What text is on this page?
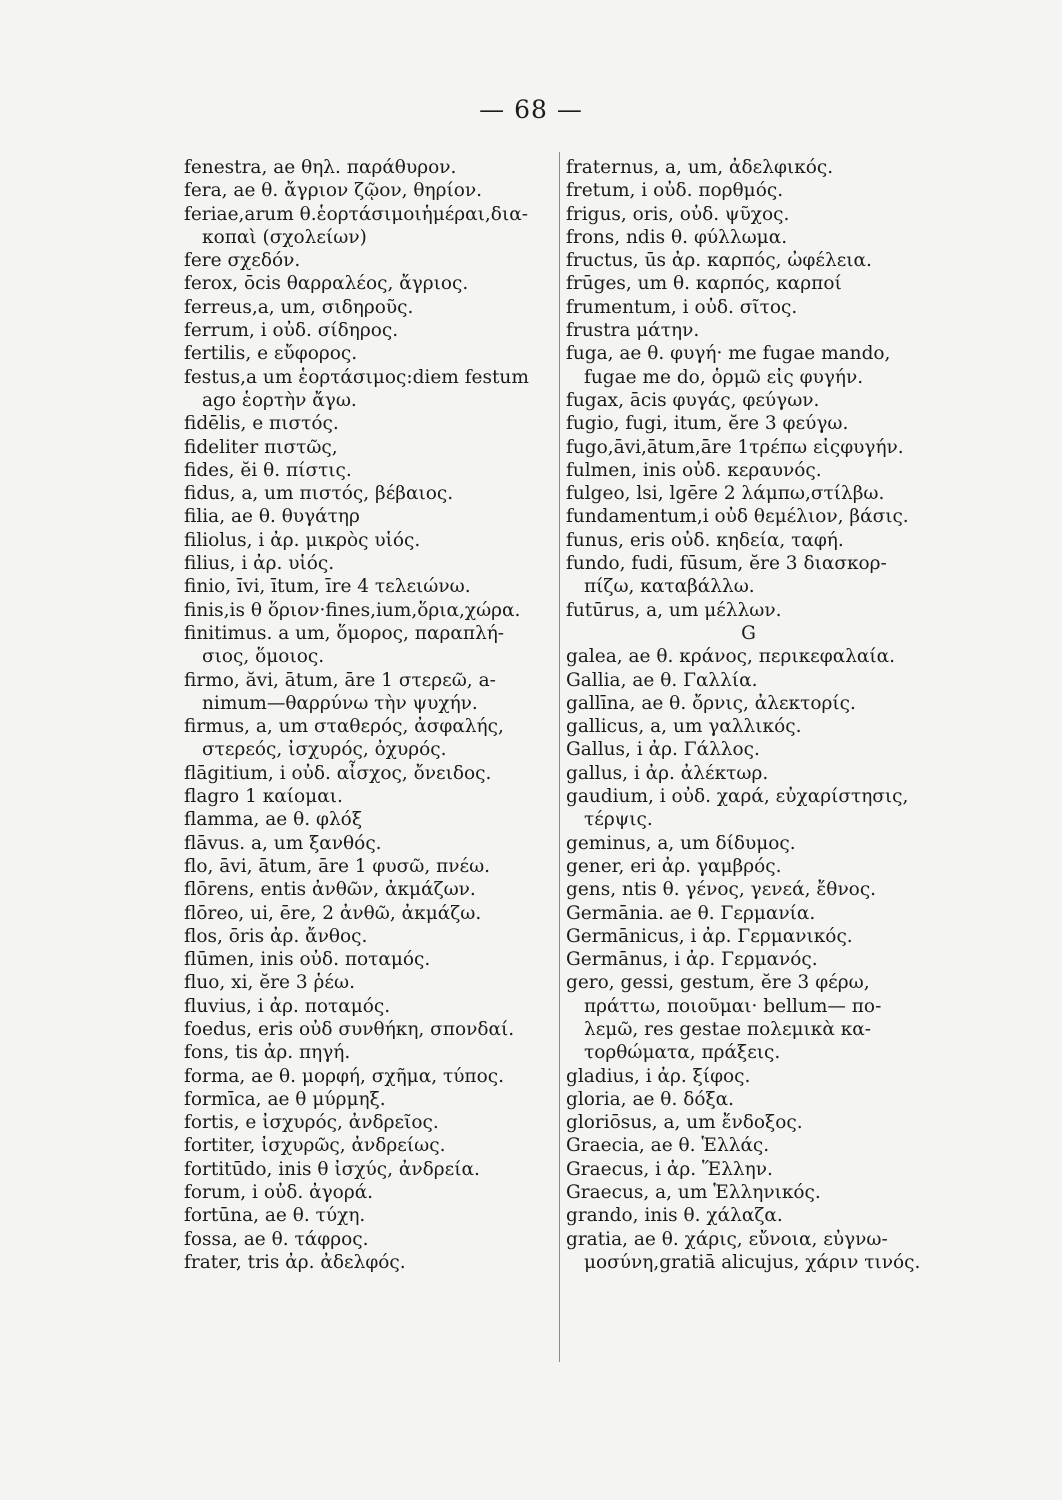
— 68 —
fenestra, ae θηλ. παράθυρον.
fera, ae θ. ἄγριον ζῷον, θηρίον.
feriae,arum θ.ἑορτάσιμοιἡμέραι,δια-
κοπαὶ (σχολείων)
fere σχεδόν.
ferox, ōcis θαρραλέος, ἄγριος.
ferreus,a, um, σιδηροῦς.
ferrum, i οὐδ. σίδηρος.
fertilis, e εὔφορος.
festus,a um ἑορτάσιμος:diem festum
ago ἑορτὴν ἄγω.
fidēlis, e πιστός.
fideliter πιστῶς,
fides, ĕi θ. πίστις.
fidus, a, um πιστός, βέβαιος.
filia, ae θ. θυγάτηρ
filiolus, i ἀρ. μικρὸς υἱός.
filius, i ἀρ. υἱός.
finio, īvi, ītum, īre 4 τελειώνω.
finis,is θ ὅριον·fines,ium,ὅρια,χώρα.
finitimus. a um, ὅμορος, παραπλή-
σιος, ὅμοιος.
firmo, ăvi, ātum, āre 1 στερεῶ, a-
nimum—θαρρύνω τὴν ψυχήν.
firmus, a, um σταθερός, ἀσφαλής,
στερεός, ἰσχυρός, ὀχυρός.
flāgitium, i οὐδ. αἶσχος, ὄνειδος.
flagro 1 καίομαι.
flamma, ae θ. φλόξ
flāvus. a, um ξανθός.
flo, āvi, ātum, āre 1 φυσῶ, πνέω.
flōrens, entis ἀνθῶν, ἀκμάζων.
flōreo, ui, ēre, 2 ἀνθῶ, ἀκμάζω.
flos, ōris ἀρ. ἄνθος.
flūmen, inis οὐδ. ποταμός.
fluo, xi, ĕre 3 ῥέω.
fluvius, i ἀρ. ποταμός.
foedus, eris οὐδ συνθήκη, σπονδαί.
fons, tis ἀρ. πηγή.
forma, ae θ. μορφή, σχῆμα, τύπος.
formīca, ae θ μύρμηξ.
fortis, e ἰσχυρός, ἀνδρεῖος.
fortiter, ἰσχυρῶς, ἀνδρείως.
fortitūdo, inis θ ἰσχύς, ἀνδρεία.
forum, i οὐδ. ἀγορά.
fortūna, ae θ. τύχη.
fossa, ae θ. τάφρος.
frater, tris ἀρ. ἀδελφός.
fraternus, a, um, ἀδελφικός.
fretum, i οὐδ. πορθμός.
frigus, oris, οὐδ. ψῦχος.
frons, ndis θ. φύλλωμα.
fructus, ūs ἀρ. καρπός, ὠφέλεια.
frūges, um θ. καρπός, καρποί
frumentum, i οὐδ. σῖτος.
frustra μάτην.
fuga, ae θ. φυγή· me fugae mando,
fugae me do, ὁρμῶ εἰς φυγήν.
fugax, ācis φυγάς, φεύγων.
fugio, fugi, itum, ĕre 3 φεύγω.
fugo,āvi,ātum,āre 1τρέπω εἰςφυγήν.
fulmen, inis οὐδ. κεραυνός.
fulgeo, lsi, lgēre 2 λάμπω,στίλβω.
fundamentum,i οὐδ θεμέλιον, βάσις.
funus, eris οὐδ. κηδεία, ταφή.
fundo, fudi, fūsum, ĕre 3 διασκορ-
πίζω, καταβάλλω.
futūrus, a, um μέλλων.
G
galea, ae θ. κράνος, περικεφαλαία.
Gallia, ae θ. Γαλλία.
gallīna, ae θ. ὄρνις, ἀλεκτορίς.
gallicus, a, um γαλλικός.
Gallus, i ἀρ. Γάλλος.
gallus, i ἀρ. ἀλέκτωρ.
gaudium, i οὐδ. χαρά, εὐχαρίστησις,
τέρψις.
geminus, a, um δίδυμος.
gener, eri ἀρ. γαμβρός.
gens, ntis θ. γένος, γενεά, ἔθνος.
Germānia. ae θ. Γερμανία.
Germānicus, i ἀρ. Γερμανικός.
Germānus, i ἀρ. Γερμανός.
gero, gessi, gestum, ĕre 3 φέρω,
πράττω, ποιοῦμαι· bellum— πο-
λεμῶ, res gestae πολεμικὰ κα-
τορθώματα, πράξεις.
gladius, i ἀρ. ξίφος.
gloria, ae θ. δόξα.
gloriōsus, a, um ἔνδοξος.
Graecia, ae θ. Ἑλλάς.
Graecus, i ἀρ. Ἕλλην.
Graecus, a, um Ἑλληνικός.
grando, inis θ. χάλαζα.
gratia, ae θ. χάρις, εὔνοια, εὐγνω-
μοσύνη,gratiā alicujus, χάριν τινός.
